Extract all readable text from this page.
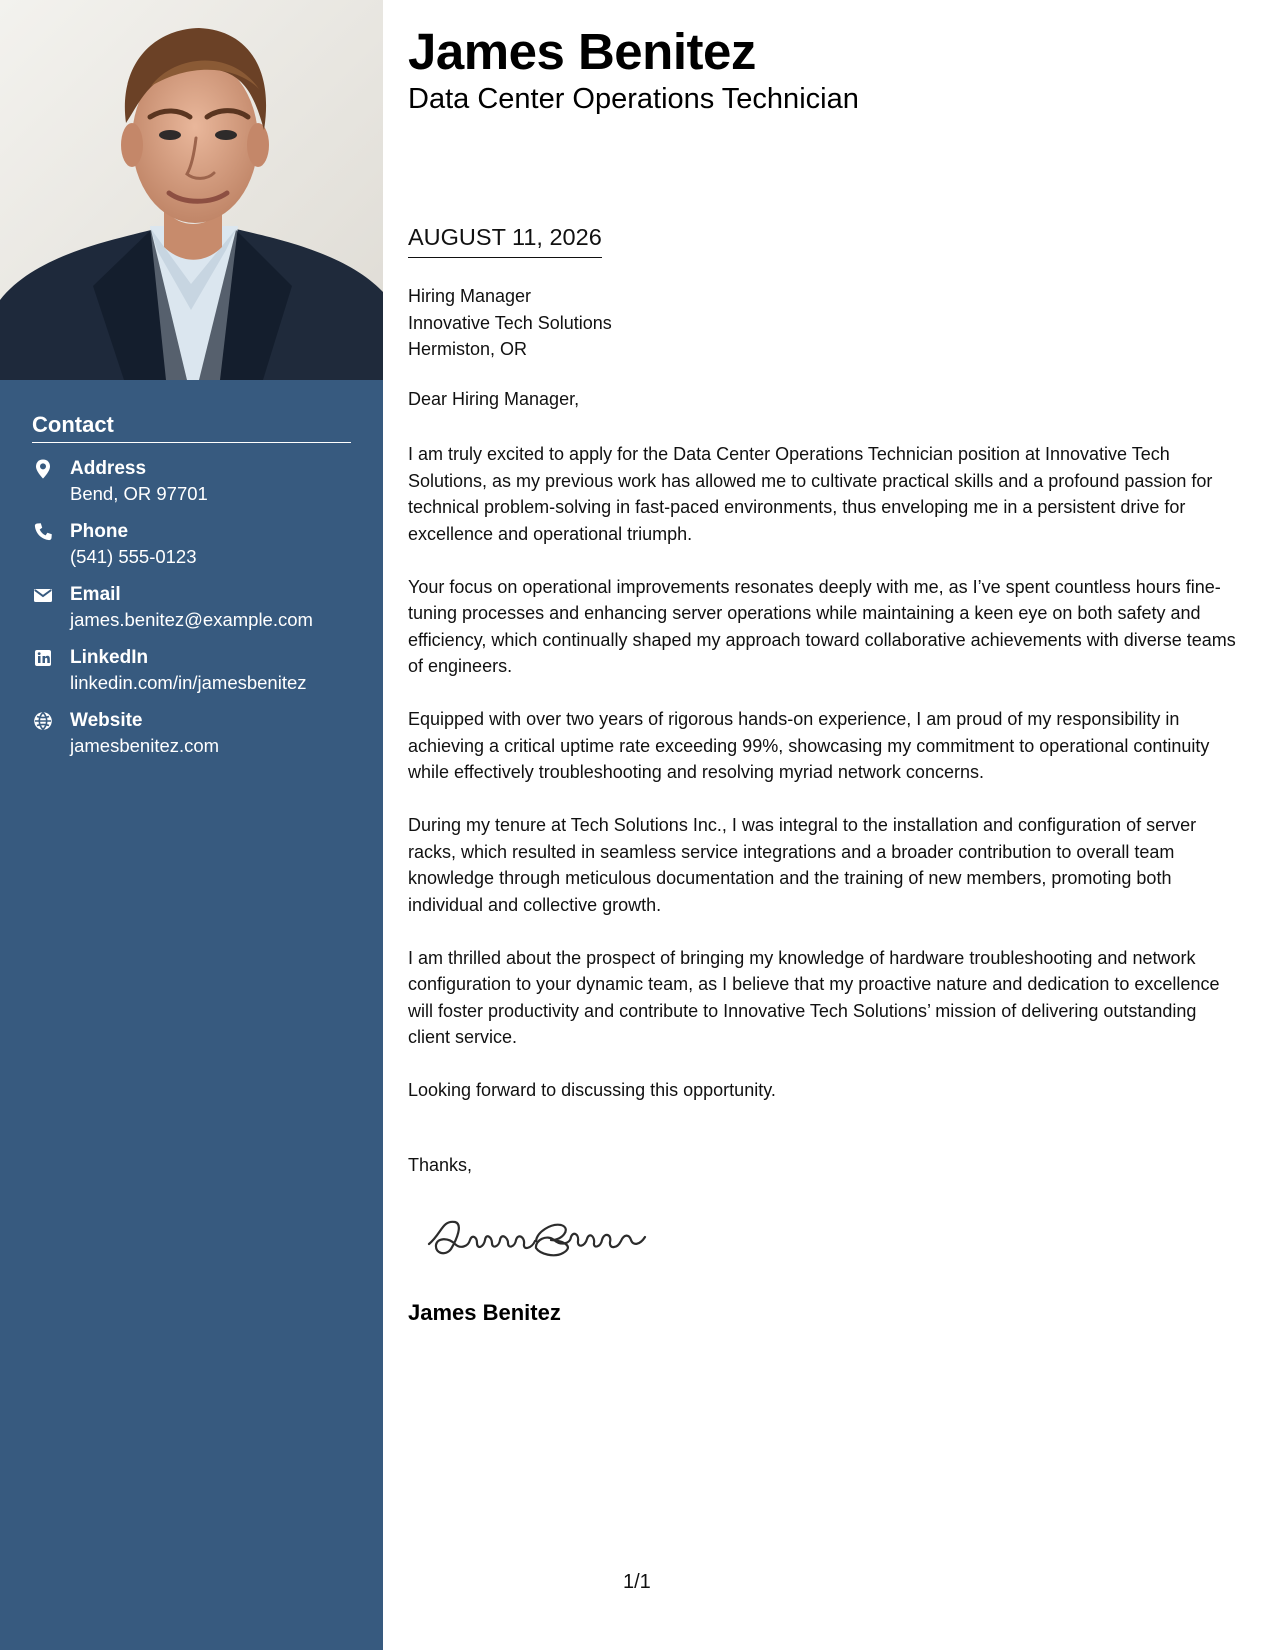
Contact
Address
Bend, OR 97701
Phone
(541) 555-0123
Email
james.benitez@example.com
LinkedIn
linkedin.com/in/jamesbenitez
Website
jamesbenitez.com
James Benitez
Data Center Operations Technician
AUGUST 11, 2026
Hiring Manager
Innovative Tech Solutions
Hermiston, OR
Dear Hiring Manager,

I am truly excited to apply for the Data Center Operations Technician position at Innovative Tech Solutions, as my previous work has allowed me to cultivate practical skills and a profound passion for technical problem-solving in fast-paced environments, thus enveloping me in a persistent drive for excellence and operational triumph.

Your focus on operational improvements resonates deeply with me, as I’ve spent countless hours fine-tuning processes and enhancing server operations while maintaining a keen eye on both safety and efficiency, which continually shaped my approach toward collaborative achievements with diverse teams of engineers.

Equipped with over two years of rigorous hands-on experience, I am proud of my responsibility in achieving a critical uptime rate exceeding 99%, showcasing my commitment to operational continuity while effectively troubleshooting and resolving myriad network concerns.

During my tenure at Tech Solutions Inc., I was integral to the installation and configuration of server racks, which resulted in seamless service integrations and a broader contribution to overall team knowledge through meticulous documentation and the training of new members, promoting both individual and collective growth.

I am thrilled about the prospect of bringing my knowledge of hardware troubleshooting and network configuration to your dynamic team, as I believe that my proactive nature and dedication to excellence will foster productivity and contribute to Innovative Tech Solutions’ mission of delivering outstanding client service.

Looking forward to discussing this opportunity.

Thanks,
James Benitez
1/1
